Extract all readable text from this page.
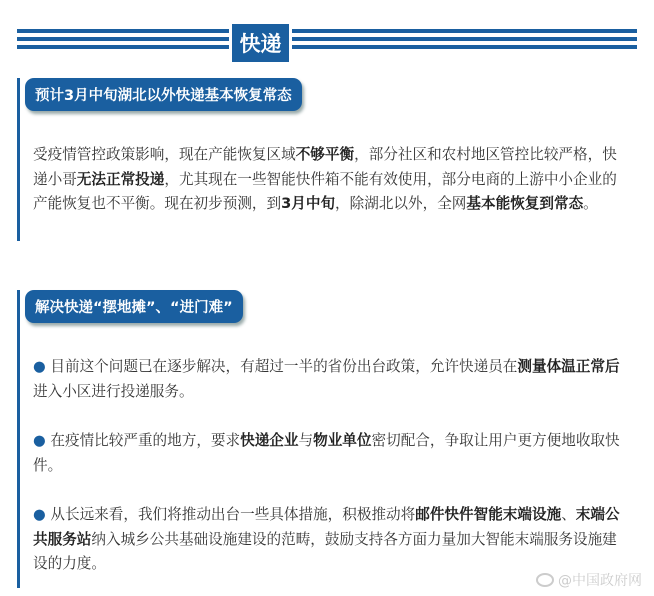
快递
预计3月中旬湖北以外快递基本恢复常态
受疫情管控政策影响，现在产能恢复区域不够平衡，部分社区和农村地区管控比较严格，快递小哥无法正常投递，尤其现在一些智能快件箱不能有效使用，部分电商的上游中小企业的产能恢复也不平衡。现在初步预测，到3月中旬，除湖北以外，全网基本能恢复到常态。
解决快递“摆地摊”、“进门难”
● 目前这个问题已在逐步解决，有超过一半的省份出台政策，允许快递员在测量体温正常后进入小区进行投递服务。
● 在疫情比较严重的地方，要求快递企业与物业单位密切配合，争取让用户更方便地收取快件。
● 从长远来看，我们将推动出台一些具体措施，积极推动将邮件快件智能末端设施、末端公共服务站纳入城乡公共基础设施建设的范畴，鼓励支持各方面力量加大智能末端服务设施建设的力度。
@中国政府网
